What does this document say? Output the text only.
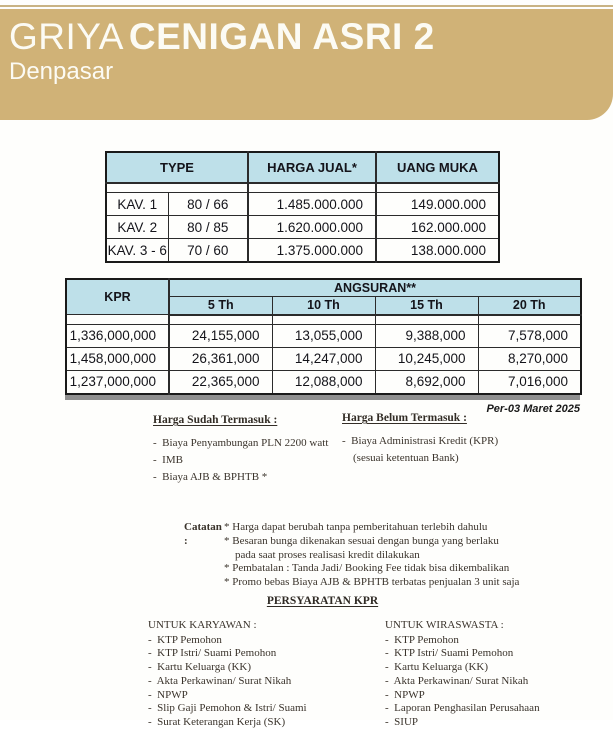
GRIYA CENIGAN ASRI 2
Denpasar
TYPE		HARGA JUAL*	UANG MUKA

KAV. 1	80 / 66	1.485.000.000	149.000.000
KAV. 2	80 / 85	1.620.000.000	162.000.000
KAV. 3 - 6	70 / 60	1.375.000.000	138.000.000
KPR	ANGSURAN**			
	5 Th	10 Th	15 Th	20 Th

1,336,000,000	24,155,000	13,055,000	9,388,000	7,578,000
1,458,000,000	26,361,000	14,247,000	10,245,000	8,270,000
1,237,000,000	22,365,000	12,088,000	8,692,000	7,016,000
Per-03 Maret 2025
Harga Sudah Termasuk :
- Biaya Penyambungan PLN 2200 watt
- IMB
- Biaya AJB & BPHTB *
Harga Belum Termasuk :
- Biaya Administrasi Kredit (KPR)
(sesuai ketentuan Bank)
Catatan :
* Harga dapat berubah tanpa pemberitahuan terlebih dahulu
* Besaran bunga dikenakan sesuai dengan bunga yang berlaku
pada saat proses realisasi kredit dilakukan
* Pembatalan : Tanda Jadi/ Booking Fee tidak bisa dikembalikan
* Promo bebas Biaya AJB & BPHTB terbatas penjualan 3 unit saja
PERSYARATAN KPR
UNTUK KARYAWAN :
- KTP Pemohon
- KTP Istri/ Suami Pemohon
- Kartu Keluarga (KK)
- Akta Perkawinan/ Surat Nikah
- NPWP
- Slip Gaji Pemohon & Istri/ Suami
- Surat Keterangan Kerja (SK)
UNTUK WIRASWASTA :
- KTP Pemohon
- KTP Istri/ Suami Pemohon
- Kartu Keluarga (KK)
- Akta Perkawinan/ Surat Nikah
- NPWP
- Laporan Penghasilan Perusahaan
- SIUP
